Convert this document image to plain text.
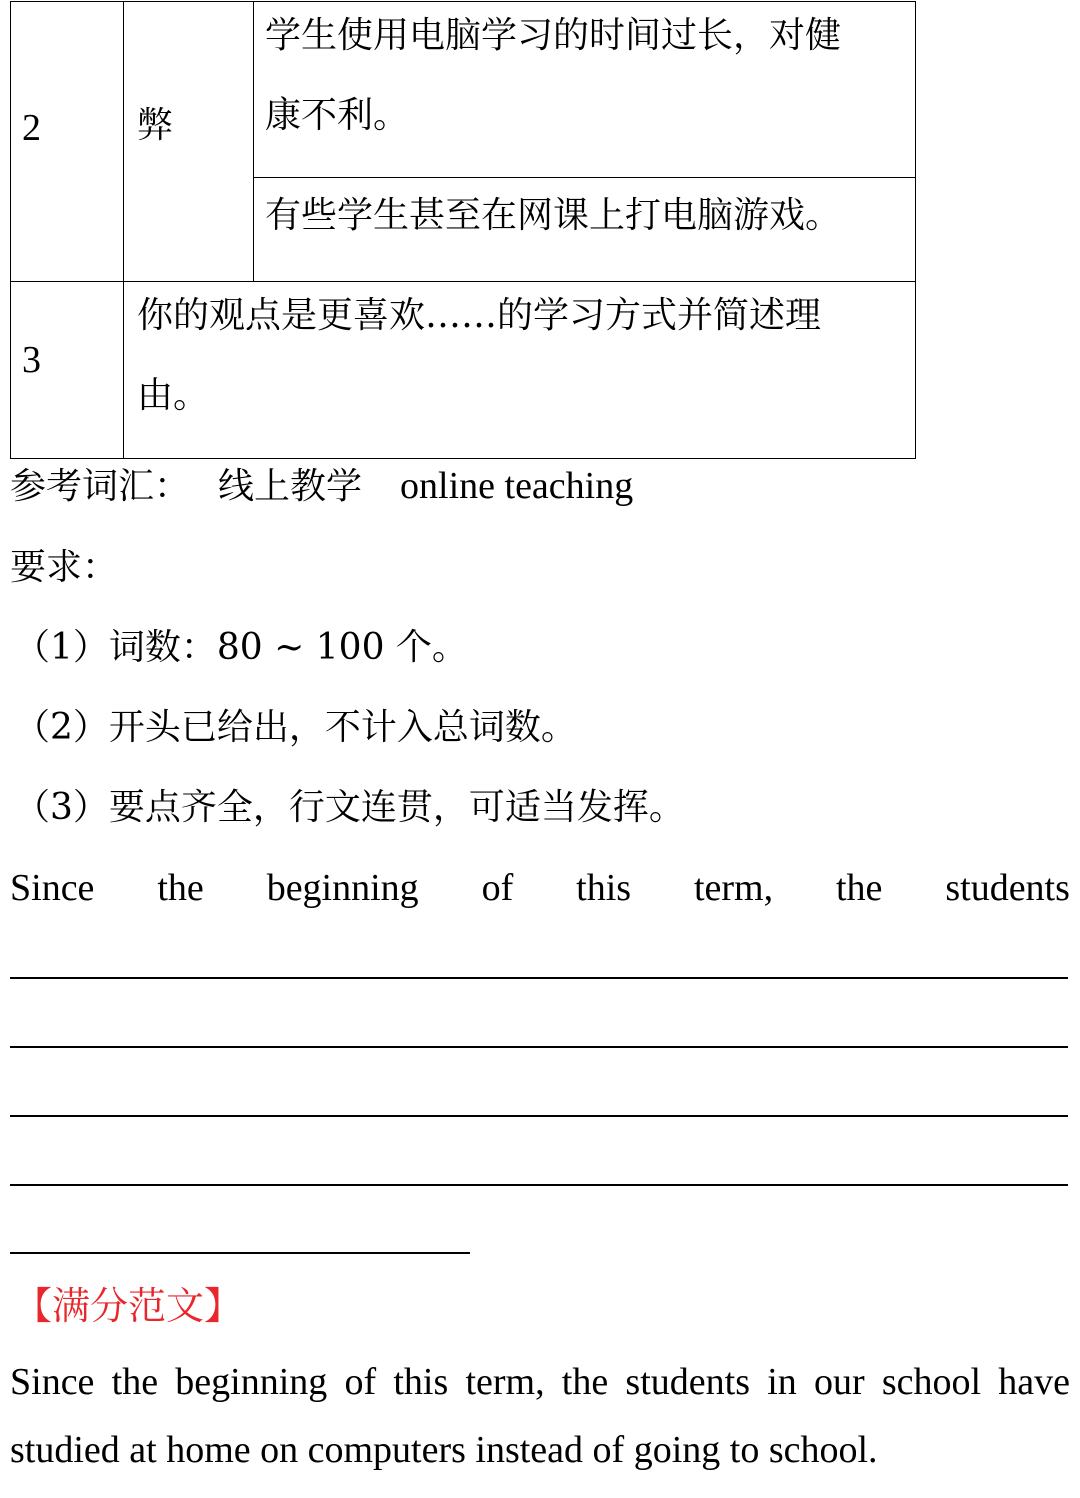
2	弊
学生使用电脑学习的时间过长，对健
康不利。
有些学生甚至在网课上打电脑游戏。
3
你的观点是更喜欢……的学习方式并简述理
由。
参考词汇： 线上教学 online teaching
要求：
（1）词数：80 ~ 100 个。
（2）开头已给出，不计入总词数。
（3）要点齐全，行文连贯，可适当发挥。
Since the beginning of this term, the students
【满分范文】
Since the beginning of this term, the students in our school have
studied at home on computers instead of going to school.
